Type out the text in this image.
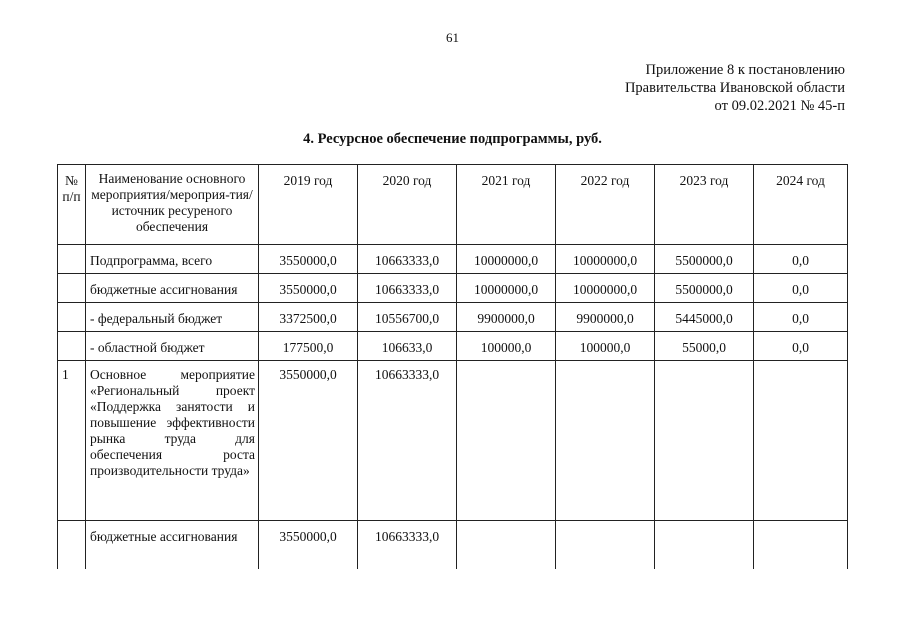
61
Приложение 8 к постановлению
Правительства Ивановской области
от 09.02.2021 № 45-п
4. Ресурсное обеспечение подпрограммы, руб.
№ п/п	Наименование основного мероприятия/мероприя-тия/источник ресуреного обеспечения	2019 год	2020 год	2021 год	2022 год	2023 год	2024 год
	Подпрограмма, всего	3550000,0	10663333,0	10000000,0	10000000,0	5500000,0	0,0
	бюджетные ассигнования	3550000,0	10663333,0	10000000,0	10000000,0	5500000,0	0,0
	- федеральный бюджет	3372500,0	10556700,0	9900000,0	9900000,0	5445000,0	0,0
	- областной бюджет	177500,0	106633,0	100000,0	100000,0	55000,0	0,0
1	Основное мероприятие «Региональный проект «Поддержка занятости и повышение эффективности рынка труда для обеспечения роста производительности труда»	3550000,0	10663333,0				
	бюджетные ассигнования	3550000,0	10663333,0				
